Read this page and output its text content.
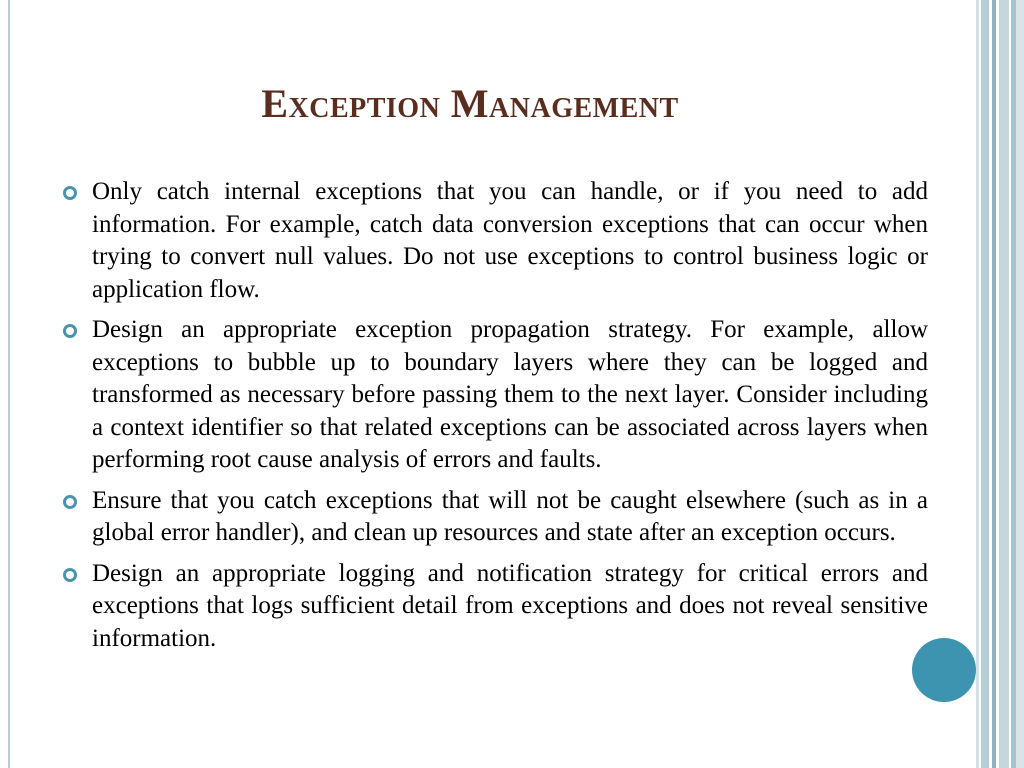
Exception Management
Only catch internal exceptions that you can handle, or if you need to add information. For example, catch data conversion exceptions that can occur when trying to convert null values. Do not use exceptions to control business logic or application flow.
Design an appropriate exception propagation strategy. For example, allow exceptions to bubble up to boundary layers where they can be logged and transformed as necessary before passing them to the next layer. Consider including a context identifier so that related exceptions can be associated across layers when performing root cause analysis of errors and faults.
Ensure that you catch exceptions that will not be caught elsewhere (such as in a global error handler), and clean up resources and state after an exception occurs.
Design an appropriate logging and notification strategy for critical errors and exceptions that logs sufficient detail from exceptions and does not reveal sensitive information.
